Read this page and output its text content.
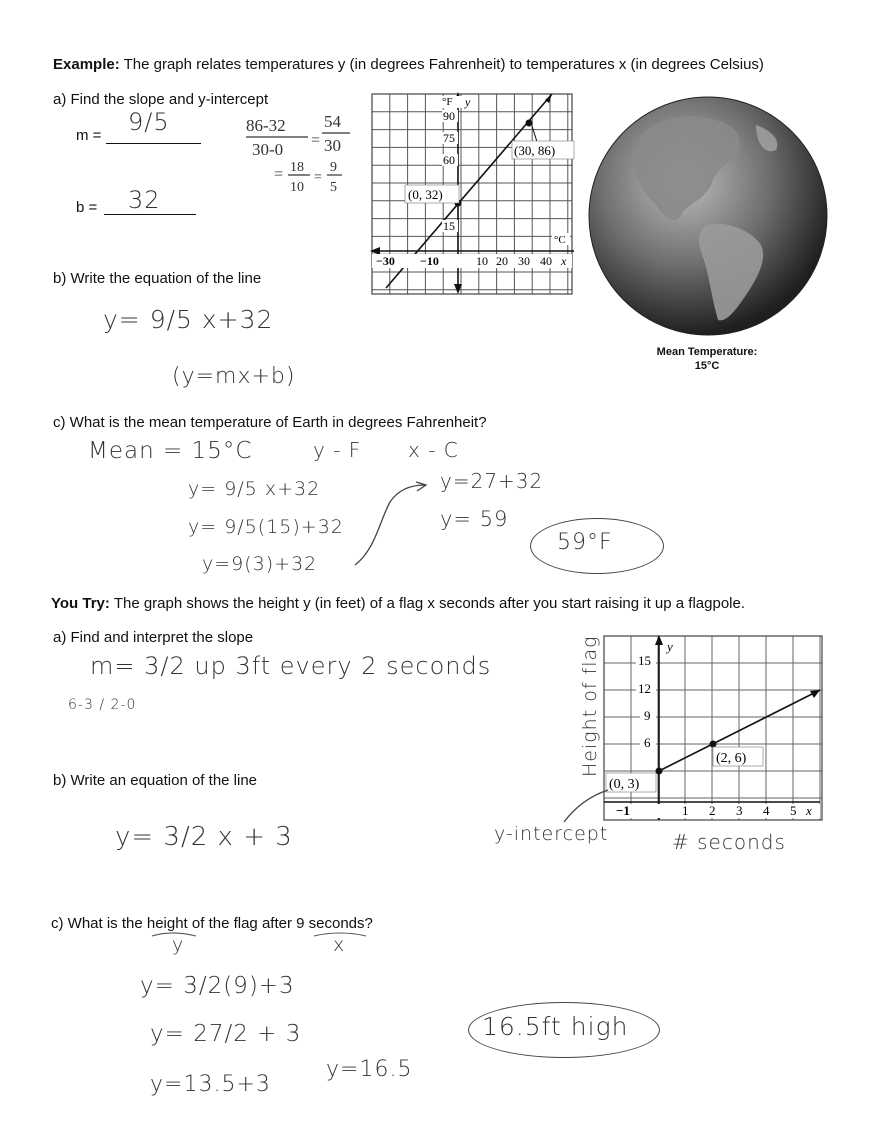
Example: The graph relates temperatures y (in degrees Fahrenheit) to temperatures x (in degrees Celsius)
a) Find the slope and y-intercept
m = 9/5	86-32
30-0 =
54
30
= 18
10
=
9
5
b = 32
b) Write the equation of the line
y= 9/5 x+32
(y=mx+b)
°F y
90
75
60
15
°C
−30 −10	10 20 30 40 x
(0, 32)
(30, 86)
Mean Temperature:
15°C
c) What is the mean temperature of Earth in degrees Fahrenheit?
Mean = 15°C	y - F x - C
y= 9/5 x+32
y= 9/5(15)+32
y=9(3)+32
y=27+32
y= 59
59°F
You Try: The graph shows the height y (in feet) of a flag x seconds after you start raising it up a flagpole.
a) Find and interpret the slope
m= 3/2 up 3ft every 2 seconds
6-3 / 2-0
b) Write an equation of the line
y= 3/2 x + 3
15
12
9
6
y
−1	1 2 3 4 5 x
(0, 3)
(2, 6)
Height of flag
y-intercept	# seconds
c) What is the height of the flag after 9 seconds?
y	x
y= 3/2(9)+3
y= 27/2 + 3
y=13.5+3
y=16.5
16.5ft high
